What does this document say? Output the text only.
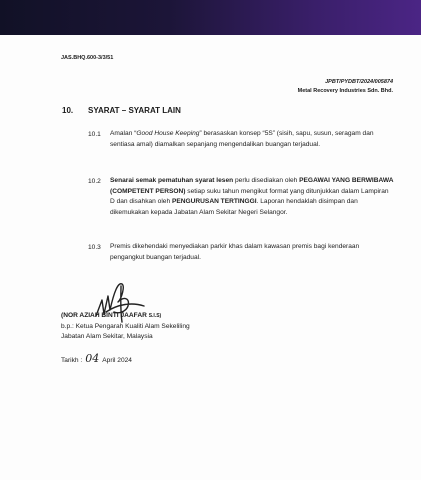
JAS.BHQ.600-3/3/51
JPBT/PYDBT/2024/005874
Metal Recovery Industries Sdn. Bhd.
10. SYARAT – SYARAT LAIN
10.1 Amalan “Good House Keeping” berasaskan konsep “5S” (sisih, sapu, susun, seragam dan sentiasa amal) diamalkan sepanjang mengendalikan buangan terjadual.
10.2 Senarai semak pematuhan syarat lesen perlu disediakan oleh PEGAWAI YANG BERWIBAWA (COMPETENT PERSON) setiap suku tahun mengikut format yang ditunjukkan dalam Lampiran D dan disahkan oleh PENGURUSAN TERTINGGI. Laporan hendaklah disimpan dan dikemukakan kepada Jabatan Alam Sekitar Negeri Selangor.
10.3 Premis dikehendaki menyediakan parkir khas dalam kawasan premis bagi kenderaan pengangkut buangan terjadual.
(NOR AZIAH BINTI JAAFAR S.I.S)
b.p.: Ketua Pengarah Kualiti Alam Sekeliling
Jabatan Alam Sekitar, Malaysia
Tarikh : 04 April 2024
